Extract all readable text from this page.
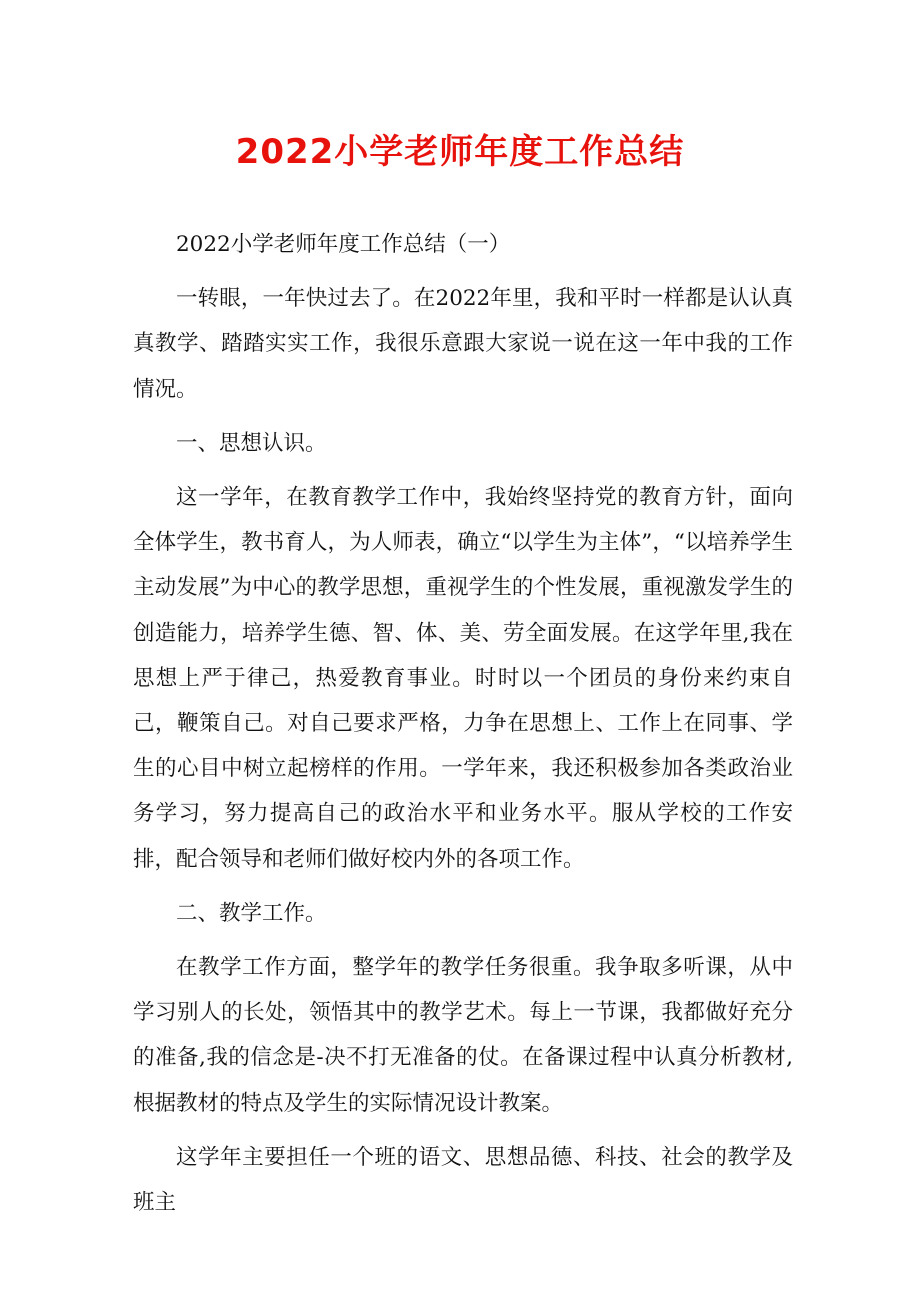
2022小学老师年度工作总结

2022小学老师年度工作总结（一）

一转眼，一年快过去了。在2022年里，我和平时一样都是认认真真教学、踏踏实实工作，我很乐意跟大家说一说在这一年中我的工作情况。

一、思想认识。

这一学年，在教育教学工作中，我始终坚持党的教育方针，面向全体学生，教书育人，为人师表，确立“以学生为主体”，“以培养学生主动发展”为中心的教学思想，重视学生的个性发展，重视激发学生的创造能力，培养学生德、智、体、美、劳全面发展。在这学年里,我在思想上严于律己，热爱教育事业。时时以一个团员的身份来约束自己，鞭策自己。对自己要求严格，力争在思想上、工作上在同事、学生的心目中树立起榜样的作用。一学年来，我还积极参加各类政治业务学习，努力提高自己的政治水平和业务水平。服从学校的工作安排，配合领导和老师们做好校内外的各项工作。

二、教学工作。

在教学工作方面，整学年的教学任务很重。我争取多听课，从中学习别人的长处，领悟其中的教学艺术。每上一节课，我都做好充分的准备,我的信念是-决不打无准备的仗。在备课过程中认真分析教材,根据教材的特点及学生的实际情况设计教案。

这学年主要担任一个班的语文、思想品德、科技、社会的教学及班主
